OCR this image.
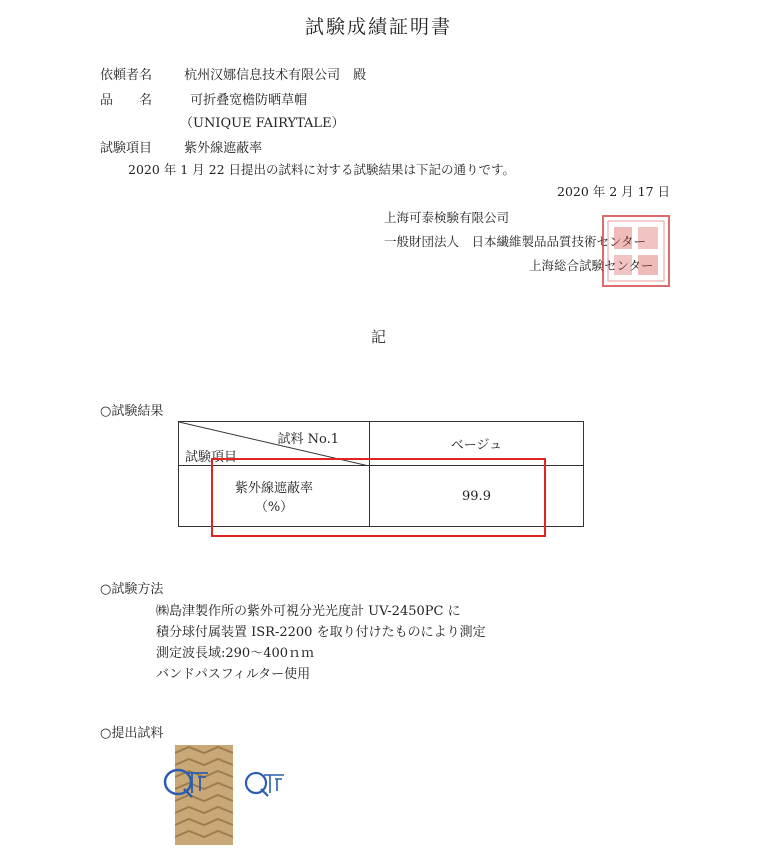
試験成績証明書
依頼者名 杭州汉娜信息技术有限公司　殿
品　　名	可折叠宽檐防晒草帽
（UNIQUE FAIRYTALE）
試験項目 紫外線遮蔽率
2020 年 1 月 22 日提出の試料に対する試験結果は下記の通りです。
2020 年 2 月 17 日
上海可泰検験有限公司
一般財団法人　日本繊維製品品質技術センター
上海総合試験センター
記
○試験結果
試料 No.1
試験項目	ベージュ

紫外線遮蔽率
（%）	99.9
○試験方法
㈱島津製作所の紫外可視分光光度計 UV-2450PC に
積分球付属装置 ISR-2200 を取り付けたものにより測定
測定波長域:290～400ｎｍ
バンドパスフィルター使用
○提出試料
